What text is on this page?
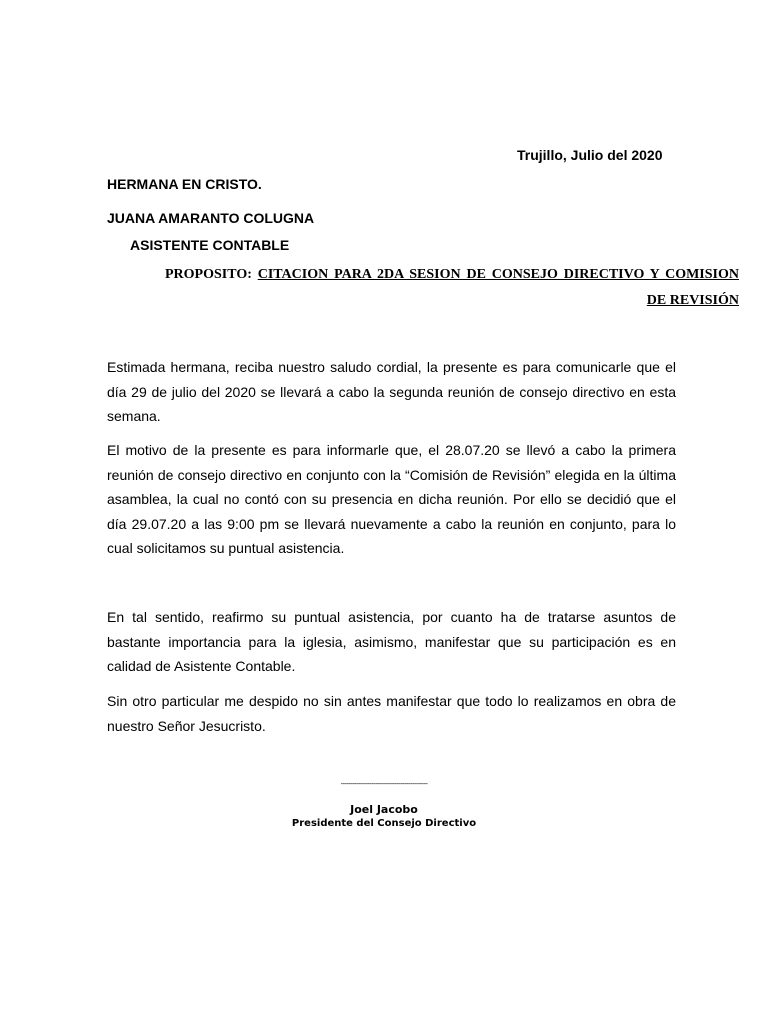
Trujillo, Julio del 2020
HERMANA EN CRISTO.
JUANA AMARANTO COLUGNA
ASISTENTE CONTABLE
PROPOSITO: CITACION PARA 2DA SESION DE CONSEJO DIRECTIVO Y COMISION DE REVISIÓN

Estimada hermana, reciba nuestro saludo cordial, la presente es para comunicarle que el día 29 de julio del 2020 se llevará a cabo la segunda reunión de consejo directivo en esta semana.

El motivo de la presente es para informarle que, el 28.07.20 se llevó a cabo la primera reunión de consejo directivo en conjunto con la “Comisión de Revisión” elegida en la última asamblea, la cual no contó con su presencia en dicha reunión. Por ello se decidió que el día 29.07.20 a las 9:00 pm se llevará nuevamente a cabo la reunión en conjunto, para lo cual solicitamos su puntual asistencia.

En tal sentido, reafirmo su puntual asistencia, por cuanto ha de tratarse asuntos de bastante importancia para la iglesia, asimismo, manifestar que su participación es en calidad de Asistente Contable.

Sin otro particular me despido no sin antes manifestar que todo lo realizamos en obra de nuestro Señor Jesucristo.

---------------------------------------------
Joel Jacobo
Presidente del Consejo Directivo
